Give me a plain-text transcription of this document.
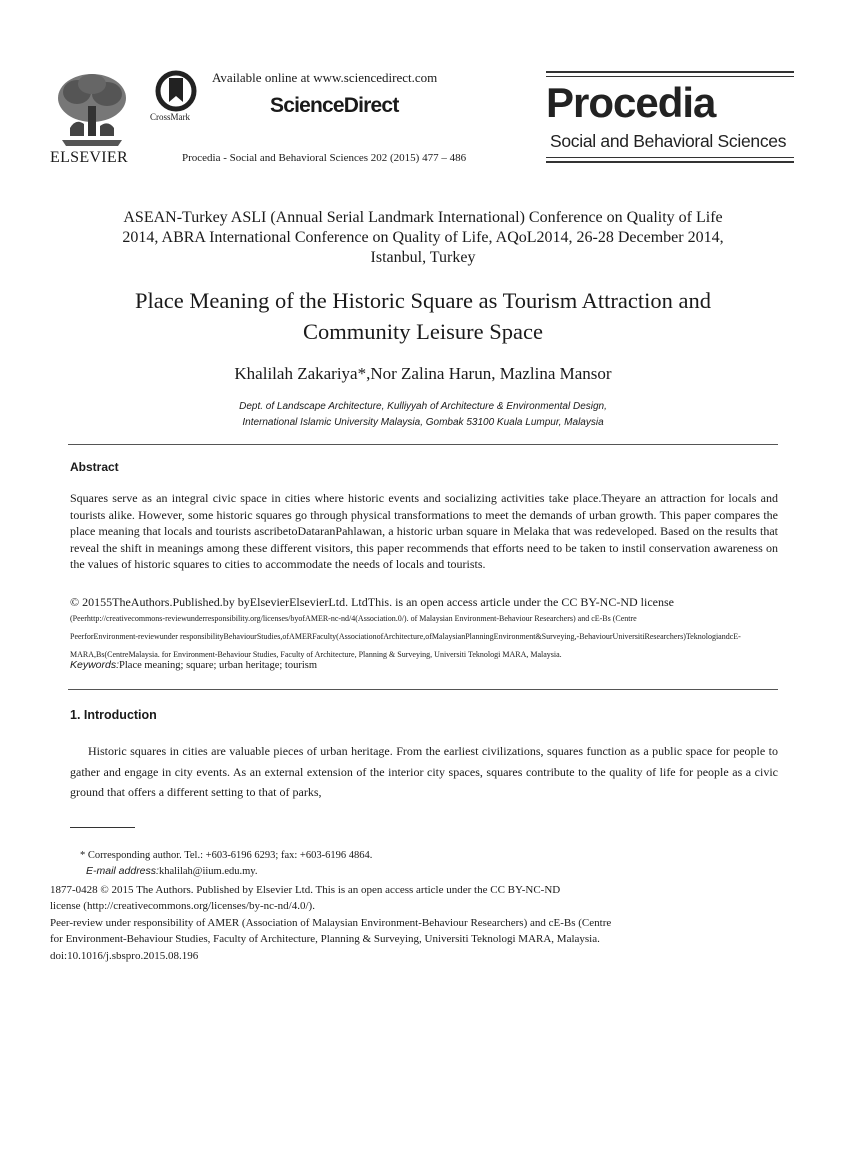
ELSEVIER
CrossMark
Available online at www.sciencedirect.com
ScienceDirect
Procedia - Social and Behavioral Sciences 202 (2015) 477 – 486
Procedia
Social and Behavioral Sciences
ASEAN-Turkey ASLI (Annual Serial Landmark International) Conference on Quality of Life
2014, ABRA International Conference on Quality of Life, AQoL2014, 26-28 December 2014,
Istanbul, Turkey
Place Meaning of the Historic Square as Tourism Attraction and
Community Leisure Space
Khalilah Zakariya*,Nor Zalina Harun, Mazlina Mansor
Dept. of Landscape Architecture, Kulliyyah of Architecture & Environmental Design,
International Islamic University Malaysia, Gombak 53100 Kuala Lumpur, Malaysia
Abstract
Squares serve as an integral civic space in cities where historic events and socializing activities take place.Theyare an attraction for locals and tourists alike. However, some historic squares go through physical transformations to meet the demands of urban growth. This paper compares the place meaning that locals and tourists ascribetoDataranPahlawan, a historic urban square in Melaka that was redeveloped. Based on the results that reveal the shift in meanings among these different visitors, this paper recommends that efforts need to be taken to instil conservation awareness on the values of historic squares to cities to accommodate the needs of locals and tourists.
© 20155TheAuthors.Published.by byElsevierElsevierLtd. LtdThis. is an open access article under the CC BY-NC-ND license
(Peerhttp://creativecommons-reviewunderresponsibility.org/licenses/byofAMER-nc-nd/4(Association.0/). of Malaysian Environment-Behaviour Researchers) and cE-Bs (Centre
PeerforEnvironment-reviewunder responsibilityBehaviourStudies,ofAMERFaculty(AssociationofArchitecture,ofMalaysianPlanningEnvironment&Surveying,-BehaviourUniversitiResearchers)TeknologiandcE-
MARA,Bs(CentreMalaysia. for Environment-Behaviour Studies, Faculty of Architecture, Planning & Surveying, Universiti Teknologi MARA, Malaysia.
Keywords:Place meaning; square; urban heritage; tourism
1. Introduction
Historic squares in cities are valuable pieces of urban heritage. From the earliest civilizations, squares function as a public space for people to gather and engage in city events. As an external extension of the interior city spaces, squares contribute to the quality of life for people as a civic ground that offers a different setting to that of parks,
* Corresponding author. Tel.: +603-6196 6293; fax: +603-6196 4864.
E-mail address:khalilah@iium.edu.my.
1877-0428 © 2015 The Authors. Published by Elsevier Ltd. This is an open access article under the CC BY-NC-ND
license (http://creativecommons.org/licenses/by-nc-nd/4.0/).
Peer-review under responsibility of AMER (Association of Malaysian Environment-Behaviour Researchers) and cE-Bs (Centre
for Environment-Behaviour Studies, Faculty of Architecture, Planning & Surveying, Universiti Teknologi MARA, Malaysia.
doi:10.1016/j.sbspro.2015.08.196
